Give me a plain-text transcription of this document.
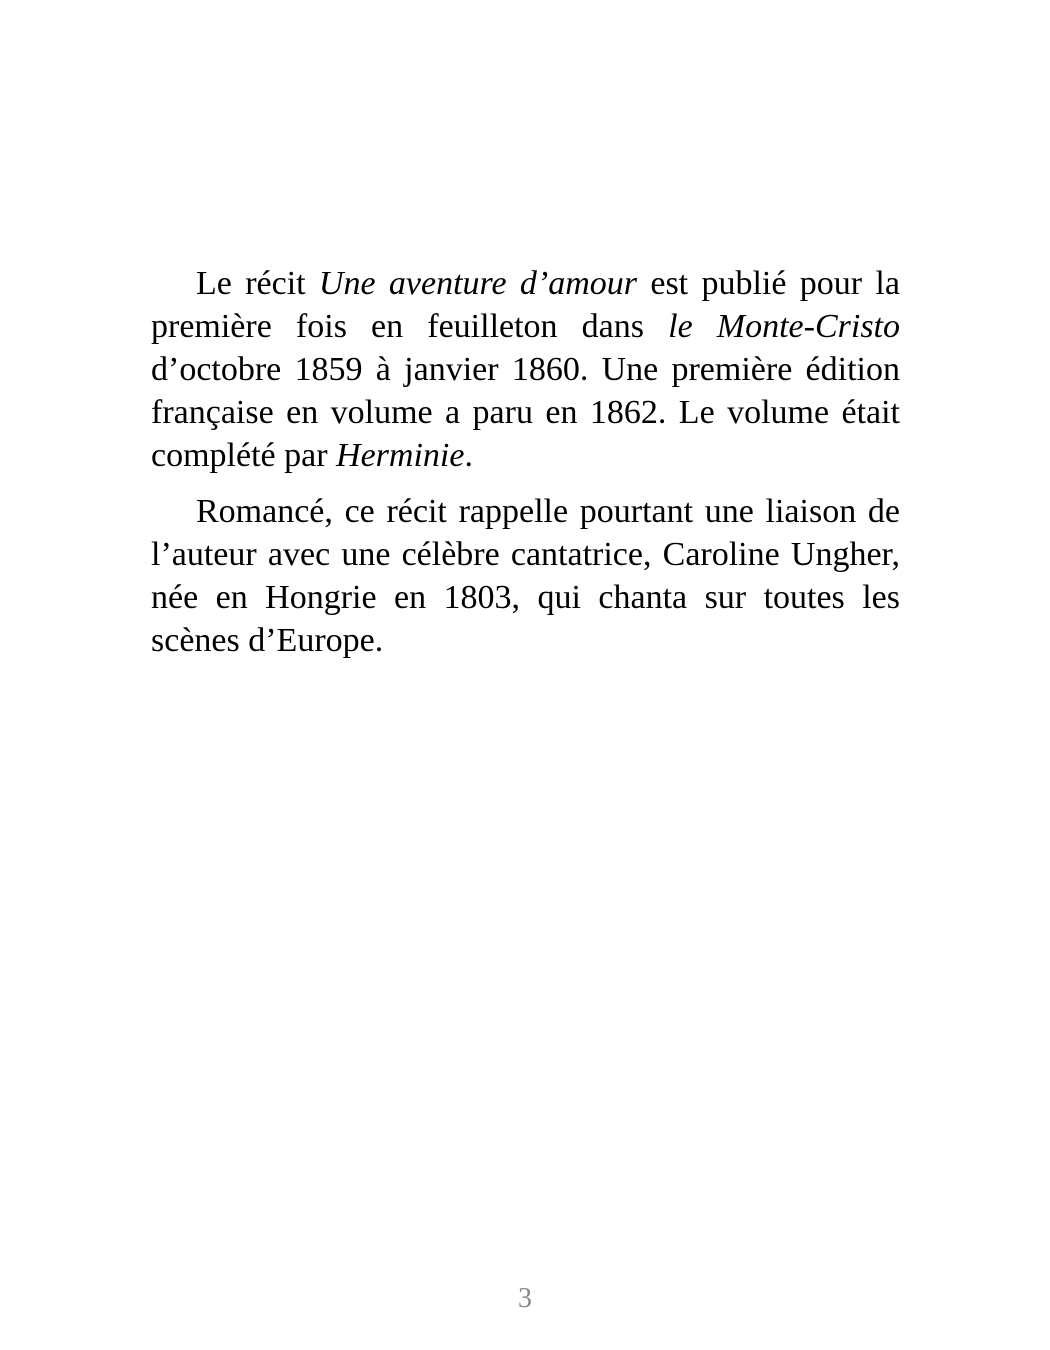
Le récit Une aventure d’amour est publié pour la première fois en feuilleton dans le Monte-Cristo d’octobre 1859 à janvier 1860. Une première édition française en volume a paru en 1862. Le volume était complété par Herminie.

Romancé, ce récit rappelle pourtant une liaison de l’auteur avec une célèbre cantatrice, Caroline Ungher, née en Hongrie en 1803, qui chanta sur toutes les scènes d’Europe.

3
